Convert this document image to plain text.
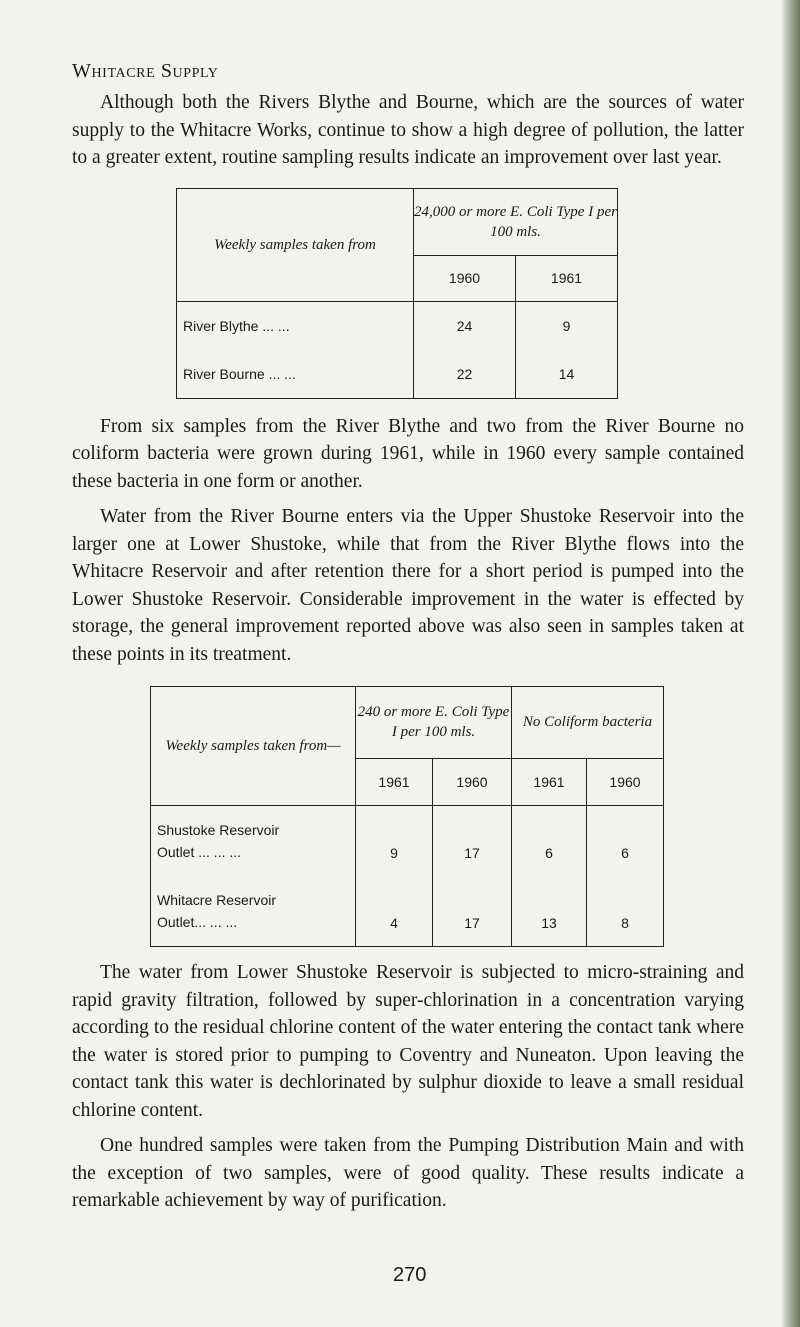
Whitacre Supply

Although both the Rivers Blythe and Bourne, which are the sources of water supply to the Whitacre Works, continue to show a high degree of pollution, the latter to a greater extent, routine sampling results indicate an improvement over last year.

Weekly samples taken from	24,000 or more E. Coli Type I per 100 mls.	
	1960	1961
River Blythe ... ...	24	9
River Bourne ... ...	22	14

From six samples from the River Blythe and two from the River Bourne no coliform bacteria were grown during 1961, while in 1960 every sample contained these bacteria in one form or another.

Water from the River Bourne enters via the Upper Shustoke Reservoir into the larger one at Lower Shustoke, while that from the River Blythe flows into the Whitacre Reservoir and after retention there for a short period is pumped into the Lower Shustoke Reservoir. Considerable improvement in the water is effected by storage, the general improvement reported above was also seen in samples taken at these points in its treatment.

Weekly samples taken from—	240 or more E. Coli Type I per 100 mls.		No Coliform bacteria	
	1961	1960	1961	1960

Shustoke Reservoir
Outlet ... ... ...	9	17	6	6

Whitacre Reservoir
Outlet... ... ...	4	17	13	8

The water from Lower Shustoke Reservoir is subjected to micro-straining and rapid gravity filtration, followed by super-chlorination in a concentration varying according to the residual chlorine content of the water entering the contact tank where the water is stored prior to pumping to Coventry and Nuneaton. Upon leaving the contact tank this water is dechlorinated by sulphur dioxide to leave a small residual chlorine content.

One hundred samples were taken from the Pumping Distribution Main and with the exception of two samples, were of good quality. These results indicate a remarkable achievement by way of purification.

270
